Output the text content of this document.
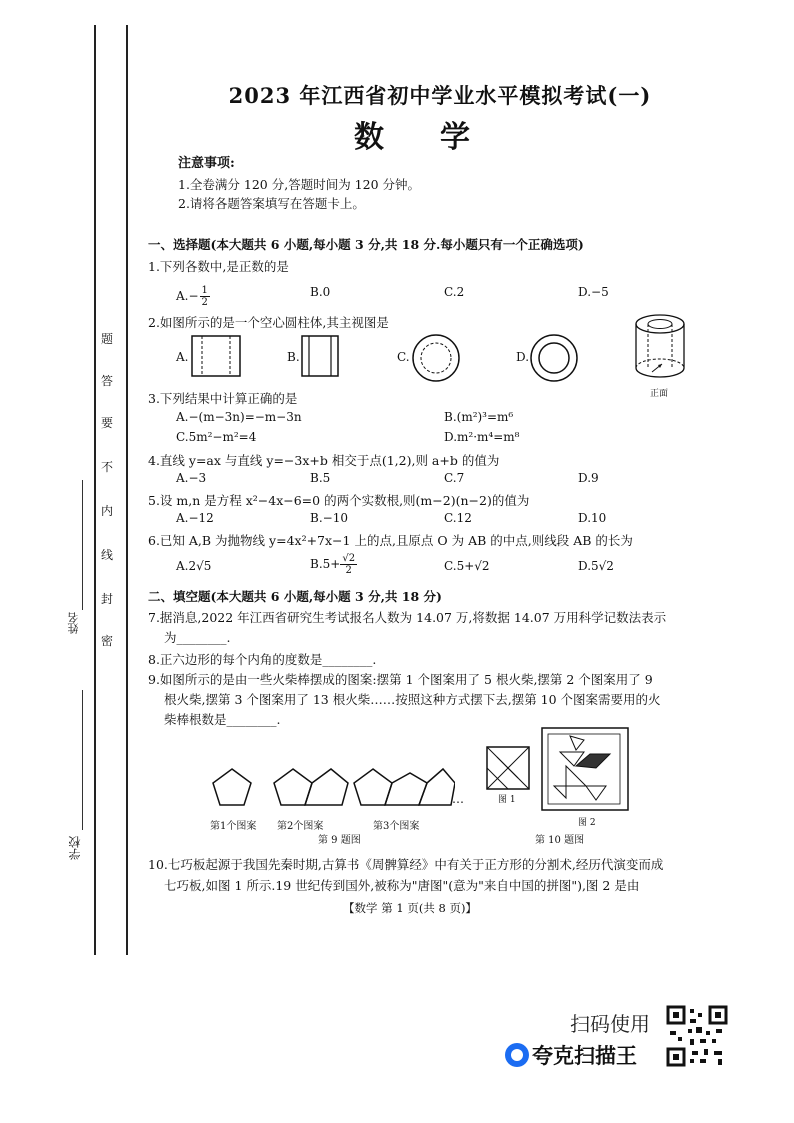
题
答
要
不
内
线
封
密
姓名
学校
2023 年江西省初中学业水平模拟考试(一)
数学
注意事项:
1.全卷满分 120 分,答题时间为 120 分钟。
2.请将各题答案填写在答题卡上。
一、选择题(本大题共 6 小题,每小题 3 分,共 18 分.每小题只有一个正确选项)
1.下列各数中,是正数的是
$A.- \frac{1}{2}$	B.0	C.2	D.−5
2.如图所示的是一个空心圆柱体,其主视图是
A.	B.	C.	D.
正面
3.下列结果中计算正确的是
A.−(m−3n)=−m−3n	B.(m²)³=m⁶
C.5m²−m²=4	D.m²·m⁴=m⁸
4.直线 y=ax 与直线 y=−3x+b 相交于点(1,2),则 a+b 的值为
A.−3	B.5	C.7	D.9
5.设 m,n 是方程 x²−4x−6=0 的两个实数根,则(m−2)(n−2)的值为
A.−12	B.−10	C.12	D.10
6.已知 A,B 为抛物线 y=4x²+7x−1 上的点,且原点 O 为 AB 的中点,则线段 AB 的长为
A.2√5	$B.5+ \frac{√2}{2}$	C.5+√2	D.5√2
二、填空题(本大题共 6 小题,每小题 3 分,共 18 分)
7.据消息,2022 年江西省研究生考试报名人数为 14.07 万,将数据 14.07 万用科学记数法表示
为________.
8.正六边形的每个内角的度数是________.
9.如图所示的是由一些火柴棒摆成的图案:摆第 1 个图案用了 5 根火柴,摆第 2 个图案用了 9
根火柴,摆第 3 个图案用了 13 根火柴……按照这种方式摆下去,摆第 10 个图案需要用的火
柴棒根数是________.
第1个图案 第2个图案	第3个图案
…
第 9 题图
图 1
图 2
第 10 题图
10.七巧板起源于我国先秦时期,古算书《周髀算经》中有关于正方形的分割术,经历代演变而成
七巧板,如图 1 所示.19 世纪传到国外,被称为"唐图"(意为"来自中国的拼图"),图 2 是由
【数学 第 1 页(共 8 页)】
扫码使用
夸克扫描王
